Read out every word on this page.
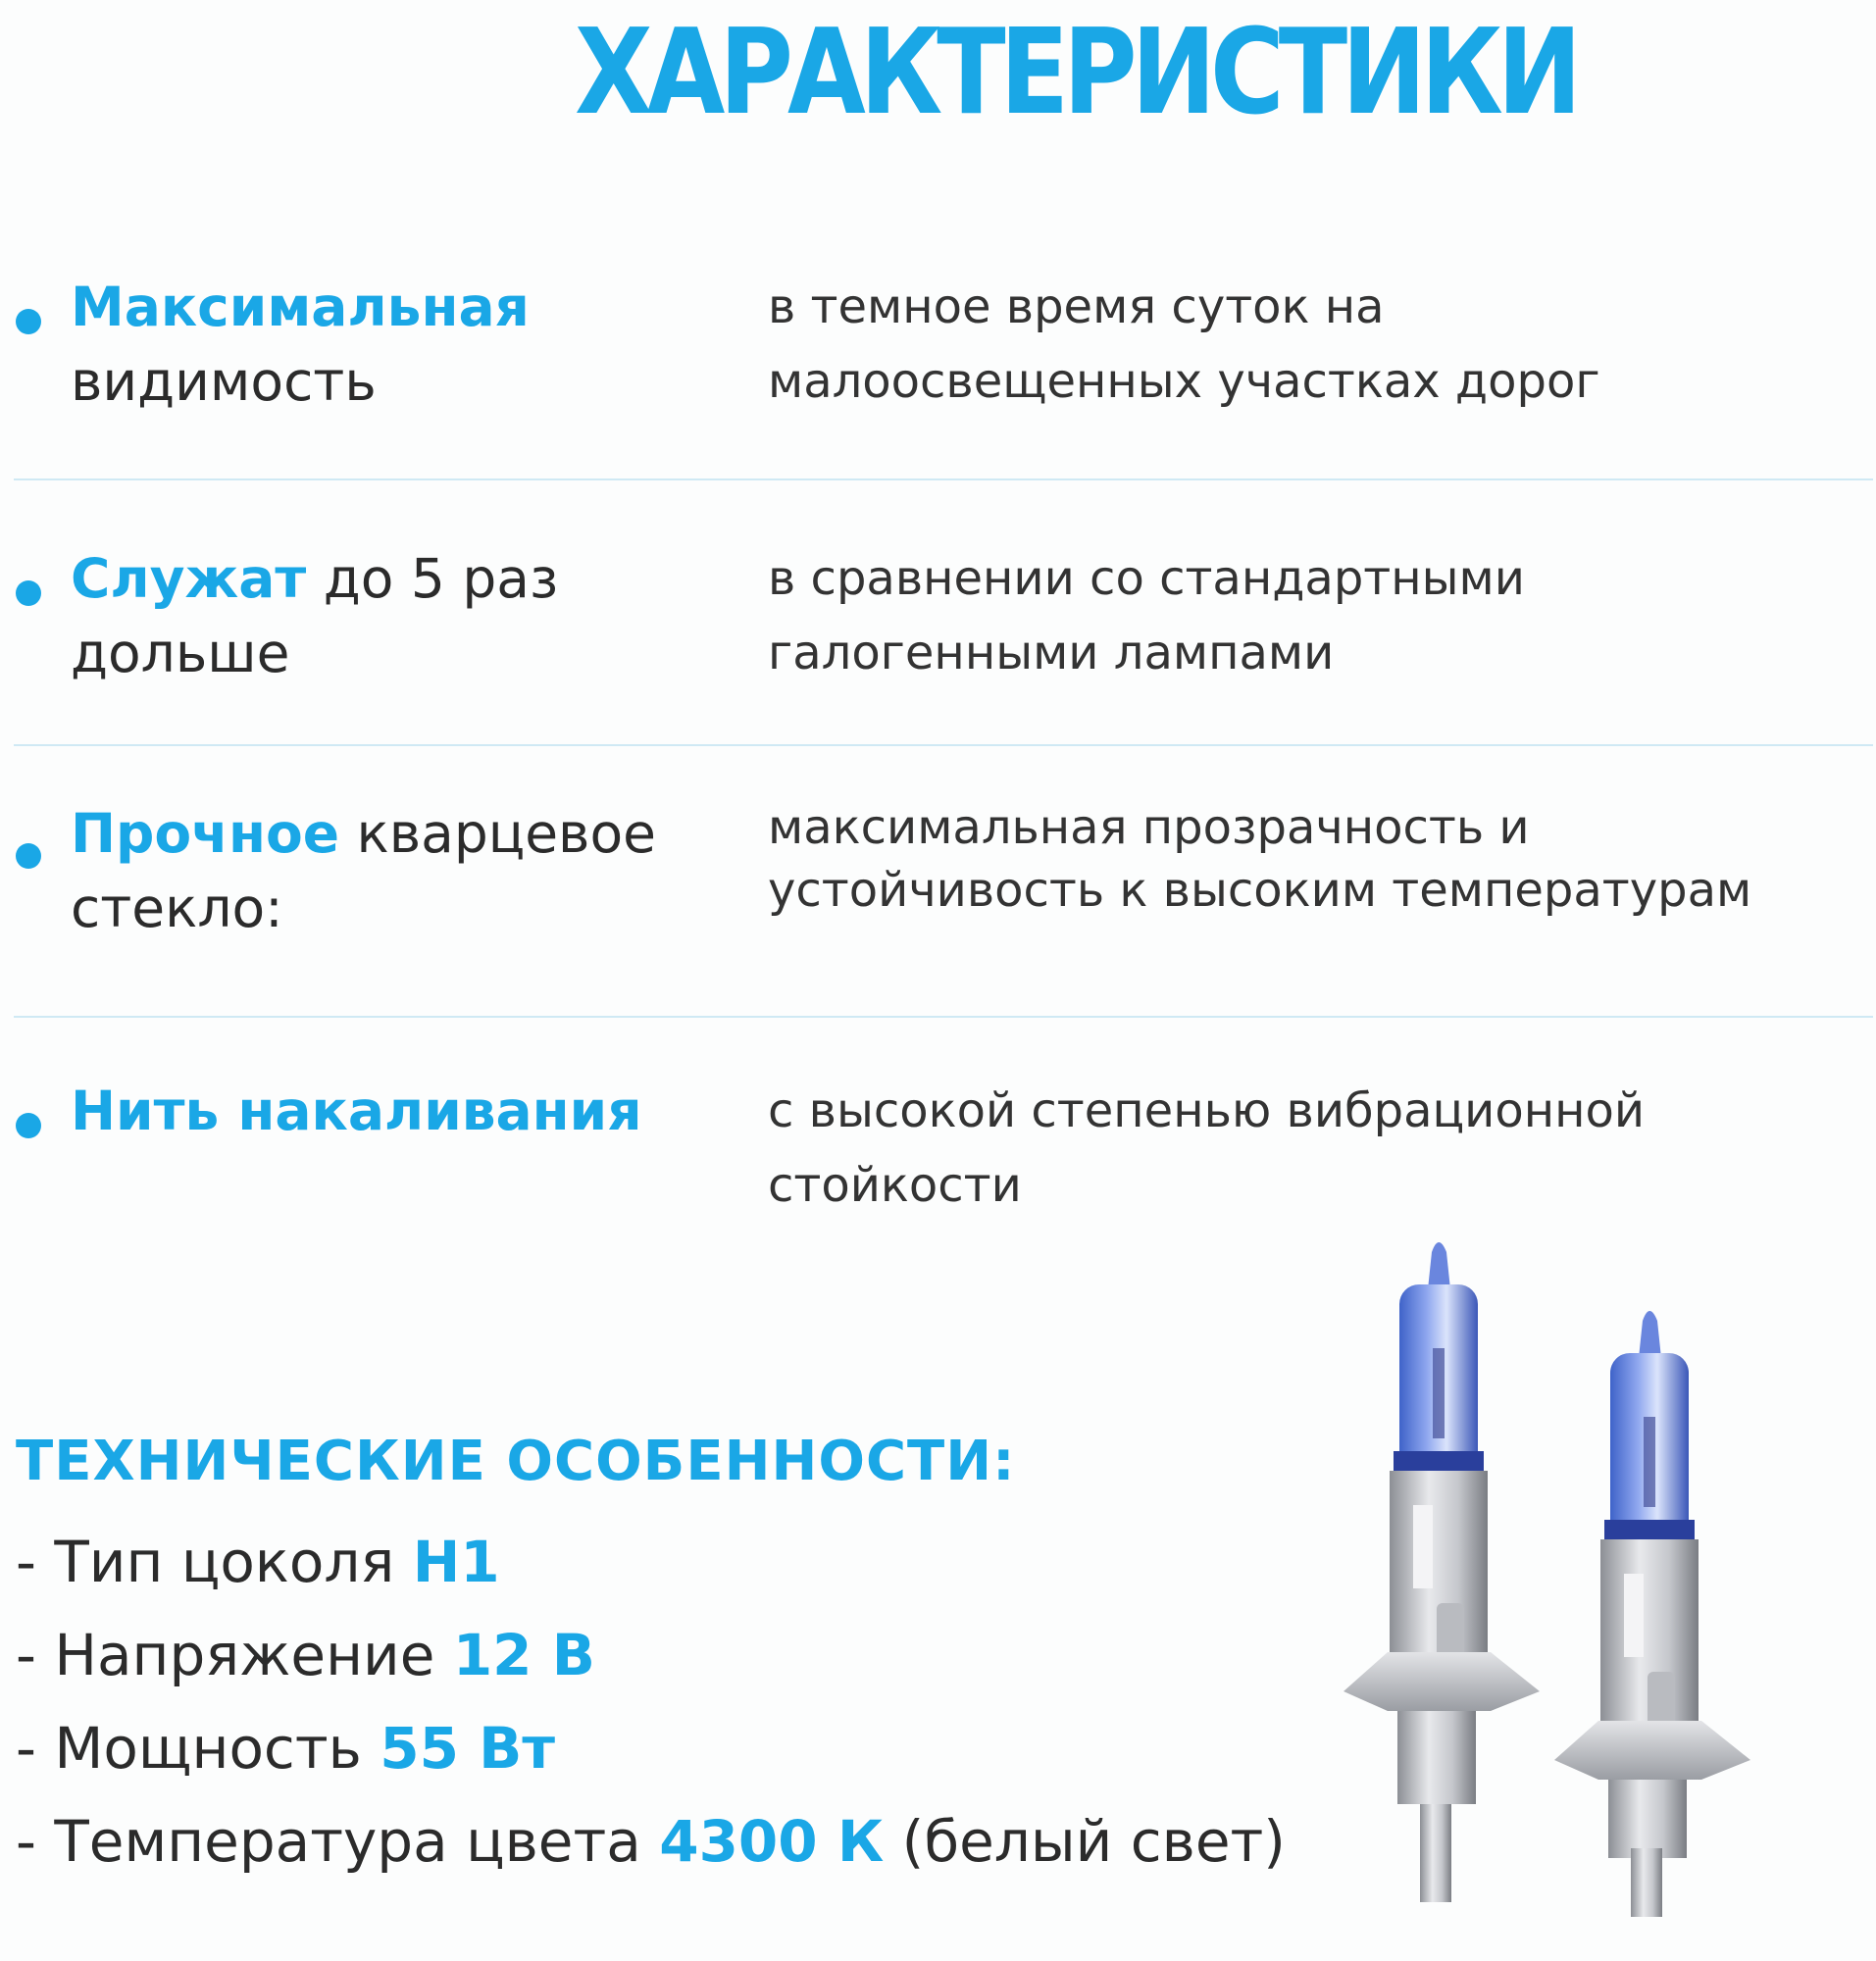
ХАРАКТЕРИСТИКИ
Максимальная
видимость
в темное время суток на
малоосвещенных участках дорог
Служат до 5 раз дольше
в сравнении со стандартными
галогенными лампами
Прочное кварцевое стекло:
максимальная прозрачность и
устойчивость к высоким температурам
Нить накаливания	с высокой степенью вибрационной
стойкости
ТЕХНИЧЕСКИЕ ОСОБЕННОСТИ:
- Тип цоколя Н1
- Напряжение 12 В
- Мощность 55 Вт
- Температура цвета 4300 К (белый свет)
